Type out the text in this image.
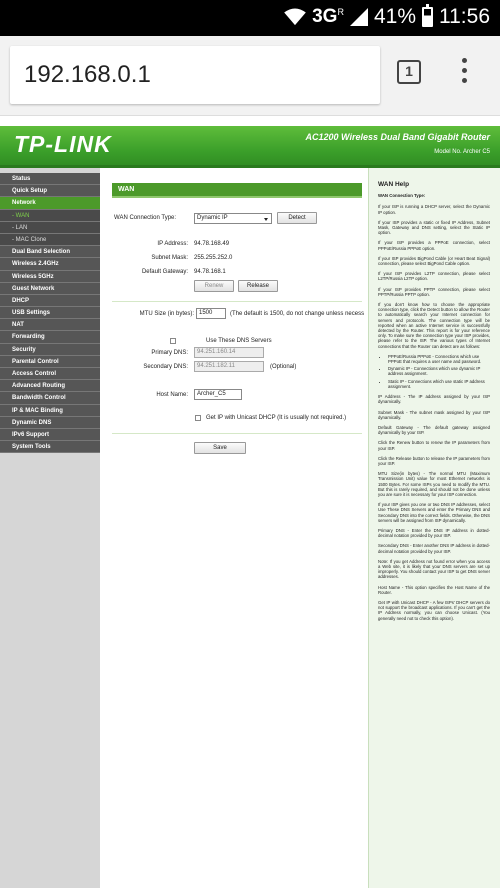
3G R 41% 11:56
192.168.0.1	1
TP-LINK	AC1200 Wireless Dual Band Gigabit Router
Model No. Archer C5
Status
Quick Setup
Network
- WAN
- LAN
- MAC Clone
Dual Band Selection
Wireless 2.4GHz
Wireless 5GHz
Guest Network
DHCP
USB Settings
NAT
Forwarding
Security
Parental Control
Access Control
Advanced Routing
Bandwidth Control
IP & MAC Binding
Dynamic DNS
IPv6 Support
System Tools
WAN
WAN Connection Type:	Dynamic IP	Detect
IP Address: 94.78.168.49
Subnet Mask: 255.255.252.0
Default Gateway: 94.78.168.1
Renew	Release
MTU Size (in bytes): 1500	(The default is 1500, do not change unless necess
Use These DNS Servers
Primary DNS:	94.251.160.14
Secondary DNS:	94.251.182.11	(Optional)
Host Name:	Archer_C5
Get IP with Unicast DHCP (It is usually not required.)
Save
WAN Help
WAN Connection Type:

If your ISP is running a DHCP server, select the Dynamic IP option.

If your ISP provides a static or fixed IP Address, Subnet Mask, Gateway and DNS setting, select the Static IP option.

If your ISP provides a PPPoE connection, select PPPoE/Russia PPPoE option.

If your ISP provides BigPond Cable (or Heart Beat Signal) connection, please select BigPond Cable option.

If your ISP provides L2TP connection, please select L2TP/Russia L2TP option.

If your ISP provides PPTP connection, please select PPTP/Russia PPTP option.

If you don't know how to choose the appropriate connection type, click the Detect button to allow the Router to automatically search your Internet connection for servers and protocols. The connection type will be reported when an active Internet service is successfully detected by the Router. This report is for your reference only. To make sure the connection type your ISP provides, please refer to the ISP. The various types of Internet connections that the Router can detect are as follows:

• PPPoE/Russia PPPoE - Connections which use PPPoE that requires a user name and password.
• Dynamic IP - Connections which use dynamic IP address assignment.
• Static IP - Connections which use static IP address assignment.

IP Address - The IP address assigned by your ISP dynamically.

Subnet Mask - The subnet mask assigned by your ISP dynamically.

Default Gateway - The default gateway assigned dynamically by your ISP.

Click the Renew button to renew the IP parameters from your ISP.

Click the Release button to release the IP parameters from your ISP.

MTU Size(in bytes) - The normal MTU (Maximum Transmission Unit) value for most Ethernet networks is 1500 Bytes. For some ISPs you need to modify the MTU. But this is rarely required, and should not be done unless you are sure it is necessary for your ISP connection.

If your ISP gives you one or two DNS IP addresses, select Use These DNS Servers and enter the Primary DNS and Secondary DNS into the correct fields. Otherwise, the DNS servers will be assigned from ISP dynamically.

Primary DNS - Enter the DNS IP address in dotted-decimal notation provided by your ISP.

Secondary DNS - Enter another DNS IP address in dotted-decimal notation provided by your ISP.

Note: If you get Address not found error when you access a Web site, it is likely that your DNS servers are set up improperly. You should contact your ISP to get DNS server addresses.

Host Name - This option specifies the Host Name of the Router.

Get IP with Unicast DHCP - A few ISPs' DHCP servers do not support the broadcast applications. If you can't get the IP Address normally, you can choose Unicast. (You generally need not to check this option).
